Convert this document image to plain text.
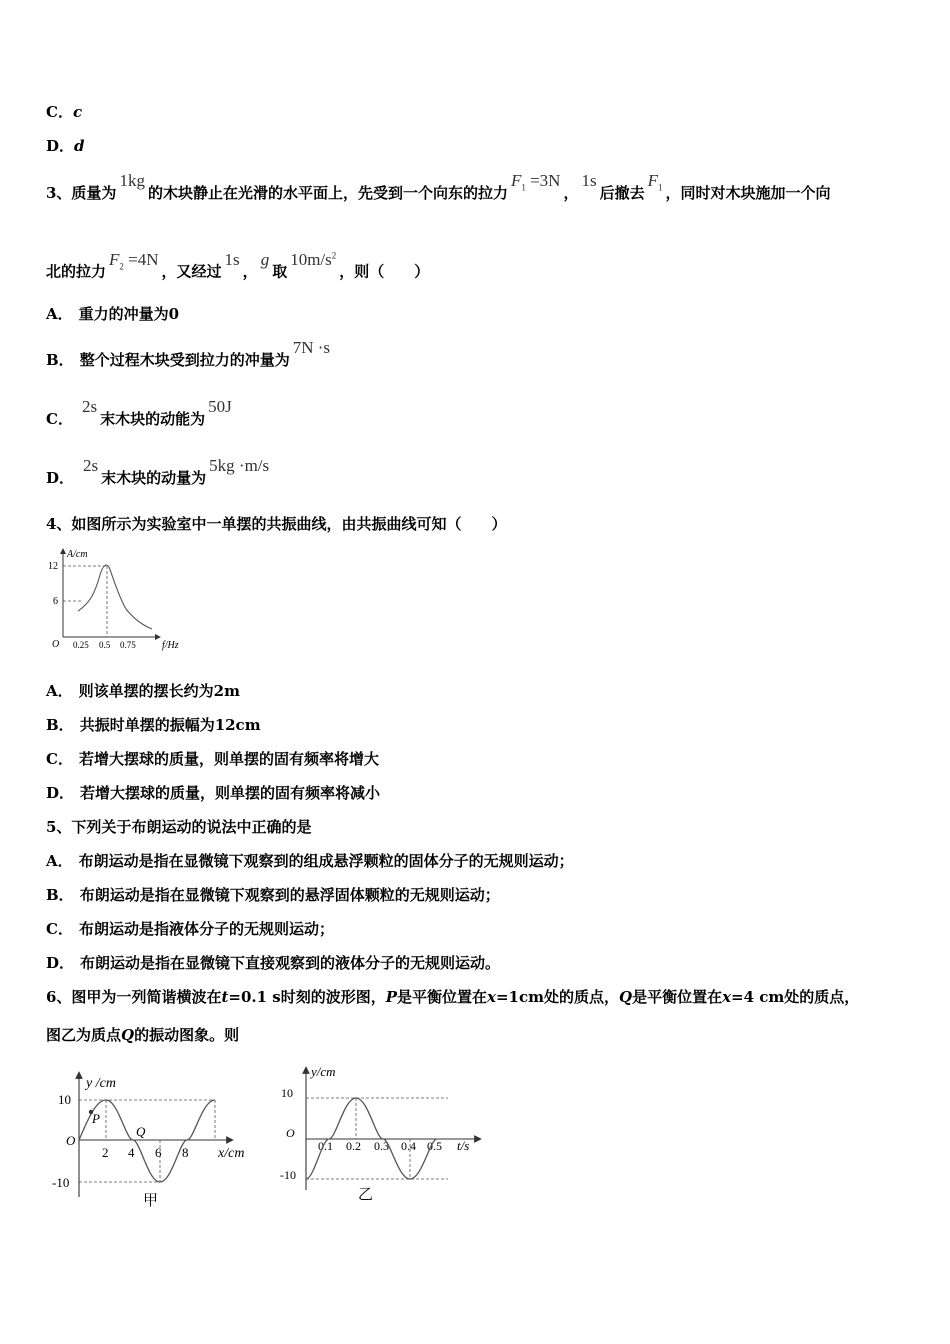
C．c
D．d
3、质量为1kg的木块静止在光滑的水平面上，先受到一个向东的拉力$F_1 =3N$，1s后撤去$F_1$ ，同时对木块施加一个向
北的拉力$F_2 =4N$，又经过1s，g取$10m/s^2$，则（　　）
A． 重力的冲量为0
B． 整个过程木块受到拉力的冲量为7N ·s
C．2s末木块的动能为50J
D．2s末木块的动量为5kg ·m/s
4、如图所示为实验室中一单摆的共振曲线，由共振曲线可知（　　）
A/cm
f/Hz
O
12
6
0.25 0.5 0.75
A． 则该单摆的摆长约为2m
B． 共振时单摆的振幅为12cm
C． 若增大摆球的质量，则单摆的固有频率将增大
D． 若增大摆球的质量，则单摆的固有频率将减小
5、下列关于布朗运动的说法中正确的是
A． 布朗运动是指在显微镜下观察到的组成悬浮颗粒的固体分子的无规则运动；
B． 布朗运动是指在显微镜下观察到的悬浮固体颗粒的无规则运动；
C． 布朗运动是指液体分子的无规则运动；
D． 布朗运动是指在显微镜下直接观察到的液体分子的无规则运动。
6、图甲为一列简谐横波在t=0.1 s时刻的波形图，P是平衡位置在x=1cm处的质点，Q是平衡位置在x=4 cm处的质点，
图乙为质点Q的振动图象。则
y /cm
x/cm
O
10
-10
2 4 6 8
P
Q
甲
y/cm
t/s
O
10
-10
0.1 0.2 0.3 0.4 0.5
乙
